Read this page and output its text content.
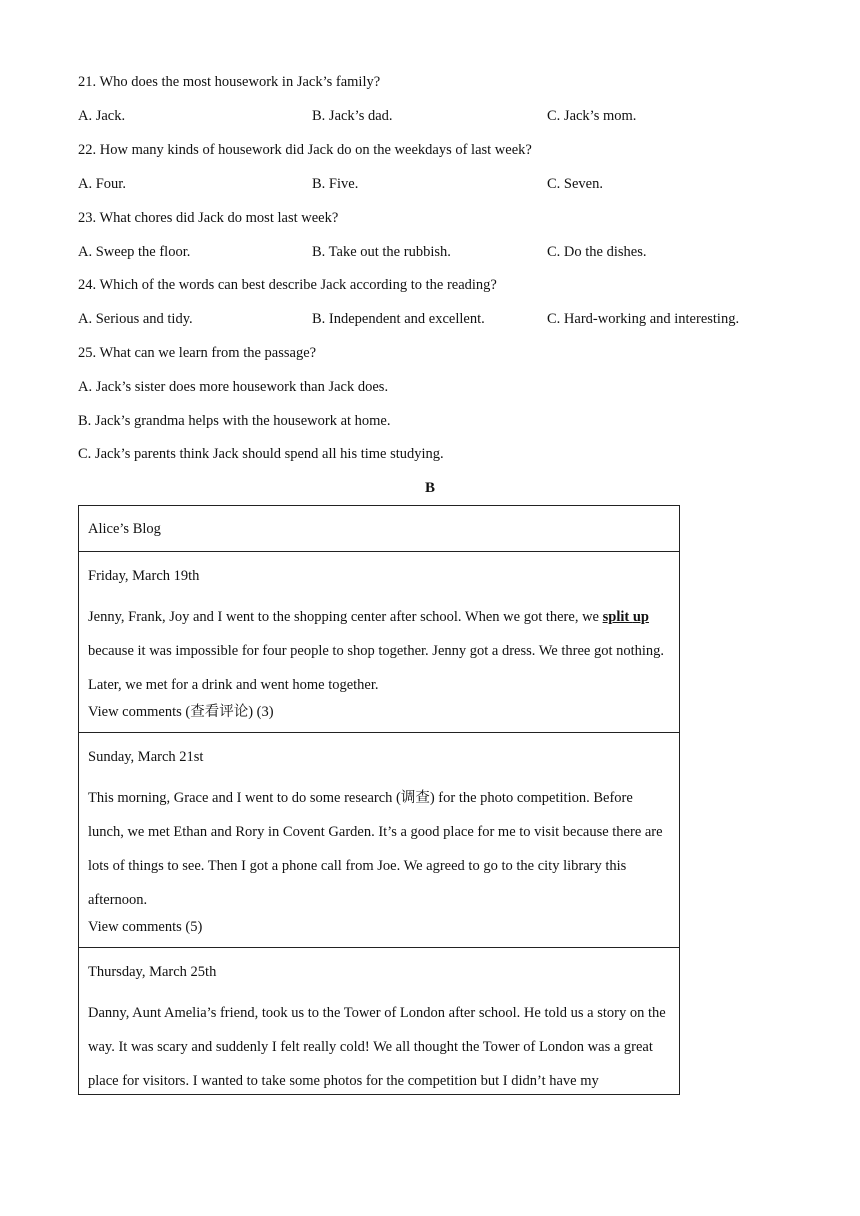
21. Who does the most housework in Jack’s family?
A. Jack.	B. Jack’s dad.	C. Jack’s mom.
22. How many kinds of housework did Jack do on the weekdays of last week?
A. Four.	B. Five.	C. Seven.
23. What chores did Jack do most last week?
A. Sweep the floor.	B. Take out the rubbish.	C. Do the dishes.
24. Which of the words can best describe Jack according to the reading?
A. Serious and tidy.	B. Independent and excellent.	C. Hard-working and interesting.
25. What can we learn from the passage?
A. Jack’s sister does more housework than Jack does.
B. Jack’s grandma helps with the housework at home.
C. Jack’s parents think Jack should spend all his time studying.
B
Alice’s Blog

Friday, March 19th

Jenny, Frank, Joy and I went to the shopping center after school. When we got there, we split up because it was impossible for four people to shop together. Jenny got a dress. We three got nothing. Later, we met for a drink and went home together.

View comments (查看评论) (3)

Sunday, March 21st

This morning, Grace and I went to do some research (调查) for the photo competition. Before lunch, we met Ethan and Rory in Covent Garden. It’s a good place for me to visit because there are lots of things to see. Then I got a phone call from Joe. We agreed to go to the city library this afternoon.

View comments (5)

Thursday, March 25th

Danny, Aunt Amelia’s friend, took us to the Tower of London after school. He told us a story on the way. It was scary and suddenly I felt really cold! We all thought the Tower of London was a great place for visitors. I wanted to take some photos for the competition but I didn’t have my
